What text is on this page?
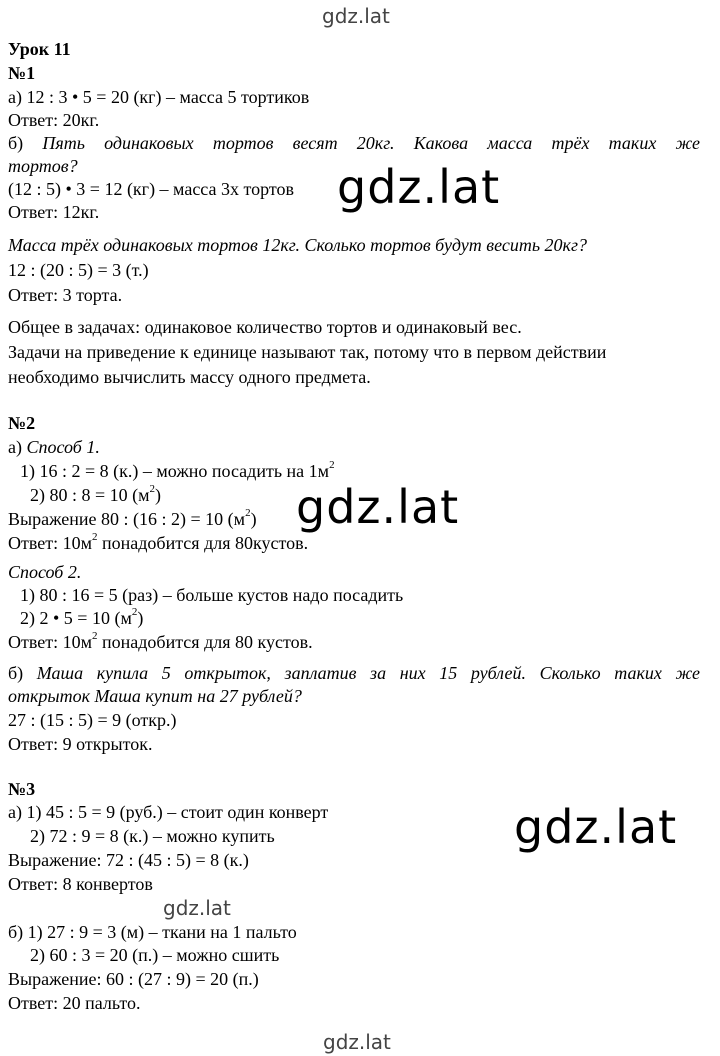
gdz.lat
gdz.lat
gdz.lat
gdz.lat
gdz.lat
gdz.lat
Урок 11
№1
а) 12 : 3 • 5 = 20 (кг) – масса 5 тортиков
Ответ: 20кг.
б) Пять одинаковых тортов весят 20кг. Какова масса трёх таких же
тортов?
(12 : 5) • 3 = 12 (кг) – масса 3х тортов
Ответ: 12кг.
Масса трёх одинаковых тортов 12кг. Сколько тортов будут весить 20кг?
12 : (20 : 5) = 3 (т.)
Ответ: 3 торта.
Общее в задачах: одинаковое количество тортов и одинаковый вес.
Задачи на приведение к единице называют так, потому что в первом действии
необходимо вычислить массу одного предмета.
№2
а) Способ 1.
1) 16 : 2 = 8 (к.) – можно посадить на $1м^2$
2) 80 : 8 = 10 $(м^2)$
Выражение 80 : (16 : 2) = 10 $(м^2)$
Ответ: $10м^2$ понадобится для 80кустов.
Способ 2.
1) 80 : 16 = 5 (раз) – больше кустов надо посадить
2) 2 • 5 = 10 $(м^2)$
Ответ: $10м^2$ понадобится для 80 кустов.
б) Маша купила 5 открыток, заплатив за них 15 рублей. Сколько таких же
открыток Маша купит на 27 рублей?
27 : (15 : 5) = 9 (откр.)
Ответ: 9 открыток.
№3
а) 1) 45 : 5 = 9 (руб.) – стоит один конверт
2) 72 : 9 = 8 (к.) – можно купить
Выражение: 72 : (45 : 5) = 8 (к.)
Ответ: 8 конвертов
б) 1) 27 : 9 = 3 (м) – ткани на 1 пальто
2) 60 : 3 = 20 (п.) – можно сшить
Выражение: 60 : (27 : 9) = 20 (п.)
Ответ: 20 пальто.
